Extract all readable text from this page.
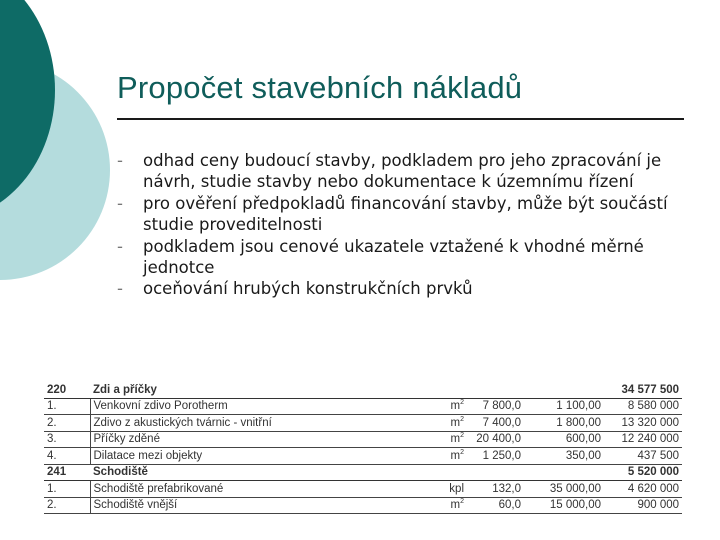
Propočet stavebních nákladů
- odhad ceny budoucí stavby, podkladem pro jeho zpracování je návrh, studie stavby nebo dokumentace k územnímu řízení
- pro ověření předpokladů financování stavby, může být součástí studie proveditelnosti
- podkladem jsou cenové ukazatele vztažené k vhodné měrné jednotce
- oceňování hrubých konstrukčních prvků
220	Zdi a příčky				34 577 500
1.	Venkovní zdivo Porotherm	$m^2$	7 800,0	1 100,00	8 580 000
2.	Zdivo z akustických tvárnic - vnitřní	$m^2$	7 400,0	1 800,00	13 320 000
3.	Příčky zděné	$m^2$	20 400,0	600,00	12 240 000
4.	Dilatace mezi objekty	$m^2$	1 250,0	350,00	437 500
241	Schodiště				5 520 000
1.	Schodiště prefabrikované	kpl	132,0	35 000,00	4 620 000
2.	Schodiště vnější	$m^2$	60,0	15 000,00	900 000
